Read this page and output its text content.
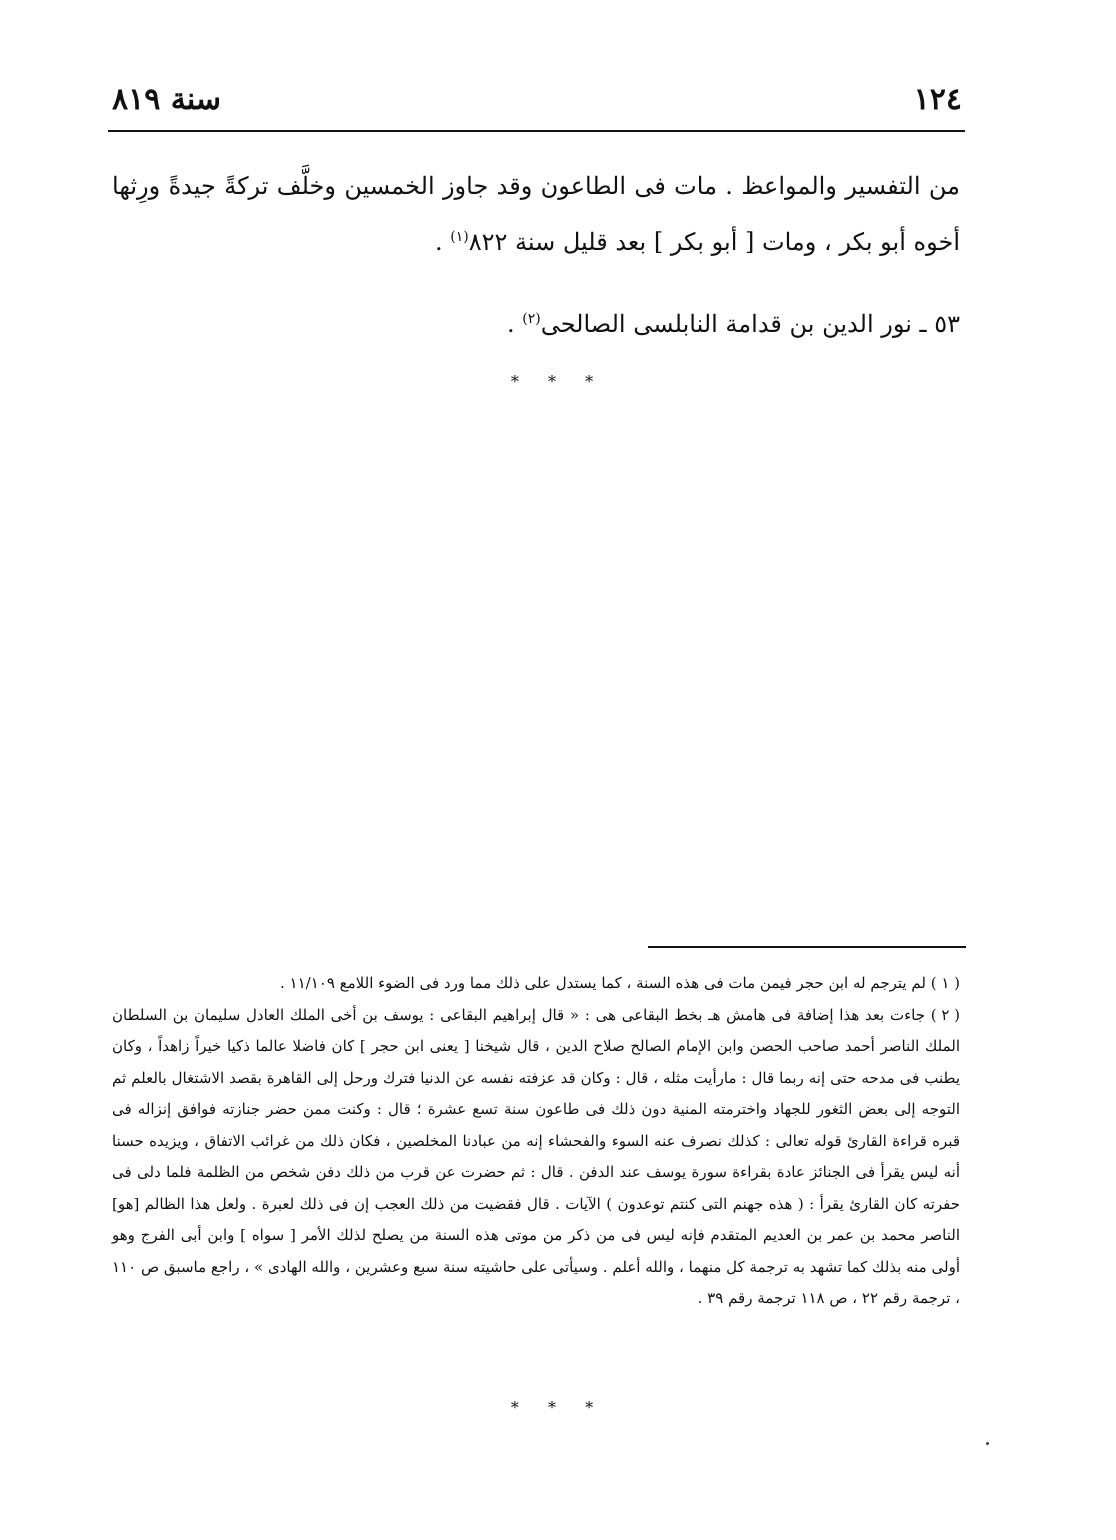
١٢٤
سنة ٨١٩

من التفسير والمواعظ . مات فى الطاعون وقد جاوز الخمسين وخلَّف تركةً جيدةً ورِثها أخوه أبو بكر ، ومات [ أبو بكر ] بعد قليل سنة ٨٢٢$^{(١)}$ .

٥٣ ـ نور الدين بن قدامة النابلسى الصالحى$^{(٢)}$ .
* * *

( ١ ) لم يترجم له ابن حجر فيمن مات فى هذه السنة ، كما يستدل على ذلك مما ورد فى الضوء اللامع ١١/١٠٩ .

( ٢ ) جاءت بعد هذا إضافة فى هامش هـ بخط البقاعى هى : « قال إبراهيم البقاعى : يوسف بن أخى الملك العادل سليمان بن السلطان الملك الناصر أحمد صاحب الحصن وابن الإمام الصالح صلاح الدين ، قال شيخنا [ يعنى ابن حجر ] كان فاضلا عالما ذكيا خيراً زاهداً ، وكان يطنب فى مدحه حتى إنه ربما قال : مارأيت مثله ، قال : وكان قد عزفته نفسه عن الدنيا فترك ورحل إلى القاهرة بقصد الاشتغال بالعلم ثم التوجه إلى بعض الثغور للجهاد واخترمته المنية دون ذلك فى طاعون سنة تسع عشرة ؛ قال : وكنت ممن حضر جنازته فوافق إنزاله فى قبره قراءة القارئ قوله تعالى : كذلك نصرف عنه السوء والفحشاء إنه من عبادنا المخلصين ، فكان ذلك من غرائب الاتفاق ، ويزيده حسنا أنه ليس يقرأ فى الجنائز عادة بقراءة سورة يوسف عند الدفن . قال : ثم حضرت عن قرب من ذلك دفن شخص من الظلمة فلما دلى فى حفرته كان القارئ يقرأ : ( هذه جهنم التى كنتم توعدون ) الآيات . قال فقضيت من ذلك العجب إن فى ذلك لعبرة . ولعل هذا الظالم [هو] الناصر محمد بن عمر بن العديم المتقدم فإنه ليس فى من ذكر من موتى هذه السنة من يصلح لذلك الأمر [ سواه ] وابن أبى الفرج وهو أولى منه بذلك كما تشهد به ترجمة كل منهما ، والله أعلم . وسيأتى على حاشيته سنة سبع وعشرين ، والله الهادى » ، راجع ماسبق ص ١١٠ ، ترجمة رقم ٢٢ ، ص ١١٨ ترجمة رقم ٣٩ .

* * *
